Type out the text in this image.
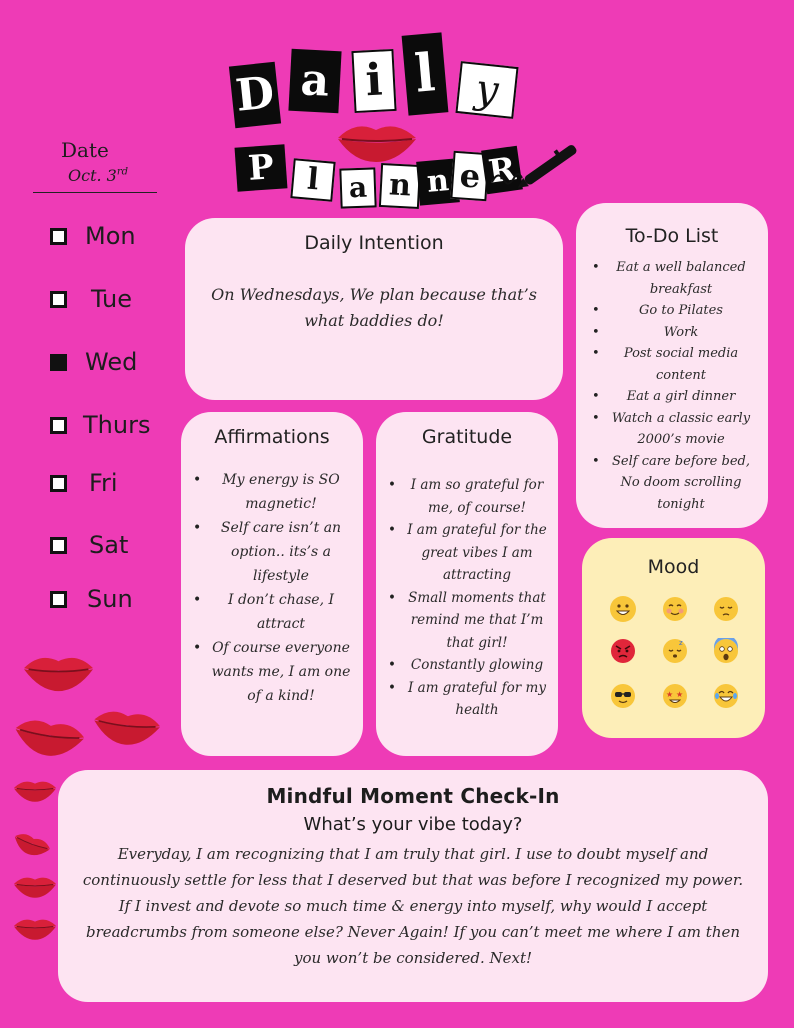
D a i l y
P	l	a n n e R
Date
Oct. 3rd
Mon
Tue
Wed
Thurs
Fri
Sat
Sun
Daily Intention
On Wednesdays, We plan because that’s what baddies do!
To-Do List
• Eat a well balanced breakfast
• Go to Pilates
• Work
• Post social media content
• Eat a girl dinner
• Watch a classic early 2000’s movie
• Self care before bed, No doom scrolling tonight
Affirmations
• My energy is SO magnetic!
• Self care isn’t an option.. its’s a lifestyle
• I don’t chase, I attract
• Of course everyone wants me, I am one of a kind!
Gratitude
• I am so grateful for me, of course!
• I am grateful for the great vibes I am attracting
• Small moments that remind me that I’m that girl!
• Constantly glowing
• I am grateful for my health
Mood
z
★ ★
Mindful Moment Check-In
What’s your vibe today?
Everyday, I am recognizing that I am truly that girl. I use to doubt myself and continuously settle for less that I deserved but that was before I recognized my power. If I invest and devote so much time & energy into myself, why would I accept breadcrumbs from someone else? Never Again! If you can’t meet me where I am then you won’t be considered. Next!
